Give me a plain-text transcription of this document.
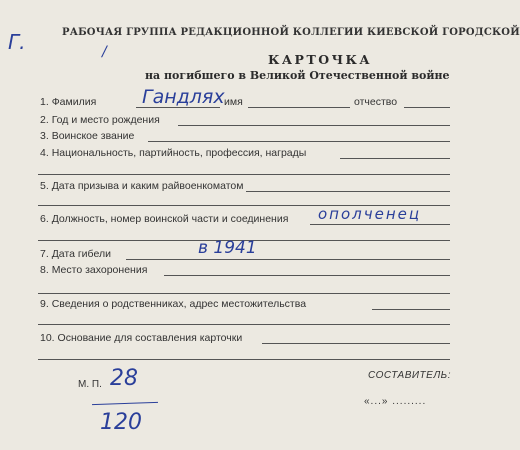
Г.	/
РАБОЧАЯ ГРУППА РЕДАКЦИОННОЙ КОЛЛЕГИИ КИЕВСКОЙ ГОРОДСКОЙ
КАРТОЧКА
на погибшего в Великой Отечественной войне
1. Фамилия Гандлях имя	отчество
2. Год и место рождения
3. Воинское звание
4. Национальность, партийность, профессия, награды
5. Дата призыва и каким райвоенкоматом
6. Должность, номер воинской части и соединения ополченец
7. Дата гибели	в 1941
8. Место захоронения
9. Сведения о родственниках, адрес местожительства
10. Основание для составления карточки
М. П. 28
120
СОСТАВИТЕЛЬ:
«...» .........
